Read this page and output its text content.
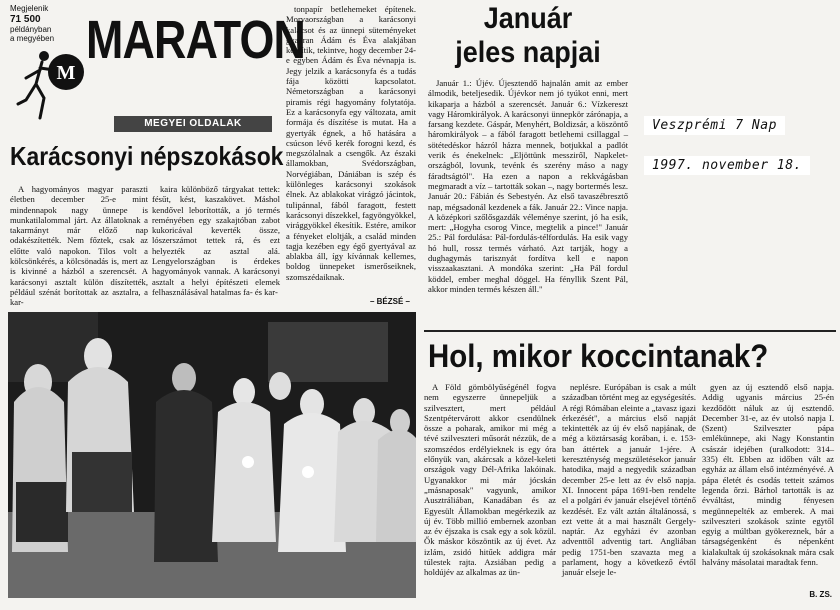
Megjelenik
71 500
példányban
a megyében
M
MARATON
MEGYEI OLDALAK
Karácsonyi népszokások
A hagyományos magyar paraszti életben december 25-e mint mindennapok nagy ünnepe is munkatilalommal járt. Az állatoknak a takarmányt már előző nap odakészítették. Nem főztek, csak az előtte való napokon. Tilos volt a kölcsönkérés, a kölcsönadás is, mert az is kivinné a házból a szerencsét. A karácsonyi asztalt külön díszítették, például szénát borítottak az asztalra, a kar-
kaira különböző tárgyakat tettek: fésűt, kést, kaszakövet. Máshol kendővel leborították, a jó termés reményében egy szakajtóban zabot kukoricával keverték össze, lószerszámot tettek rá, és ezt helyezték az asztal alá. Lengyelországban is érdekes hagyományok vannak. A karácsonyi asztalt a helyi építészeti elemek felhasználásával hatalmas fa- és kar-
tonpapír betlehemeket építenek. Morvaországban a karácsonyi kalácsot és az ünnepi süteményeket gyakran Ádám és Éva alakjában készítik, tekintve, hogy december 24-e egyben Ádám és Éva névnapja is. Jegy jelzik a karácsonyfa és a tudás fája közötti kapcsolatot. Németországban a karácsonyi piramis régi hagyomány folytatója. Ez a karácsonyfa egy változata, amit formája és díszítése is mutat. Ha a gyertyák égnek, a hő hatására a csúcson lévő kerék forogni kezd, és megszólalnak a csengők. Az északi államokban, Svédországban, Norvégiában, Dániában is szép és különleges karácsonyi szokások élnek. Az ablakokat virágzó jácintok, tulipánnal, fából faragott, festett karácsonyi díszekkel, fagyöngyökkel, virággyökkel ékesítik. Estére, amikor a fényeket eloltják, a család minden tagja kezében egy égő gyertyával az ablakba áll, így kívánnak kellemes, boldog ünnepeket ismerőseiknek, szomszédaiknak.
– BÉZSÉ –
Január
jeles napjai
Január 1.: Újév. Újesztendő hajnalán amit az ember álmodik, beteljesedik. Újévkor nem jó tyúkot enni, mert kikaparja a házból a szerencsét. Január 6.: Vízkereszt vagy Háromkirályok. A karácsonyi ünnepkör zárónapja, a farsang kezdete. Gáspár, Menyhért, Boldizsár, a köszöntő háromkirályok – a fából faragott betlehemi csillaggal – sötétedéskor házról házra mennek, botjukkal a padlót verik és énekelnek: „Eljöttünk messziről, Napkelet-országból, lovunk, tevénk és szerény máso a nagy fáradtságtól". Ha ezen a napon a rekkvágásban megmaradt a víz – tartották sokan –, nagy bortermés lesz. Január 20.: Fábián és Sebestyén. Az első tavaszébresztő nap, mégsadonál kezdenek a fák. Január 22.: Vince napja. A középkori szőlősgazdák véleménye szerint, jó ha esik, mert: „Hogyha csorog Vince, megtelik a pince!" Január 25.: Pál fordulása: Pál-fordulás-télfordulás. Ha esik vagy hó hull, rossz termés várható. Azt tartják, hogy a dughagymás tarisznyát fordítva kell e napon visszaakasztani. A mondóka szerint: „Ha Pál fordul köddel, ember meghal döggel. Ha fényllik Szent Pál, akkor minden termés készen áll."
Veszprémi 7 Nap
1997. november 18.
Hol, mikor koccintanak?
A Föld gömbölyűségénél fogva nem egyszerre ünnepeljük a szilvesztert, mert például Szentpétervárott akkor csendülnek össze a poharak, amikor mi még a tévé szilveszteri műsorát nézzük, de a szomszédos erdélyieknek is egy óra előnyük van, akárcsak a közel-keleti országok vagy Dél-Afrika lakóinak. Ugyanakkor mi már jócskán „másnaposak" vagyunk, amikor Ausztráliában, Kanadában és az Egyesült Államokban megérkezik az új év. Több millió embernek azonban az év éjszaka is csak egy a sok közül. Ők máskor köszöntik az új évet. Az izlám, zsidó hitűek addigra már túlestek rajta. Azsiában pedig a holdújév az alkalmas az ün-
neplésre. Európában is csak a múlt században történt meg az egységesítés. A régi Rómában eleinte a „tavasz igazi érkezését", a március első napját tekintették az új év első napjának, de még a köztársaság korában, i. e. 153-ban áttértek a január 1-jére. A kereszténység megszületésekor január hatodika, majd a negyedik században december 25-e lett az év első napja. XI. Innocent pápa 1691-ben rendelte el a polgári év január elsejével történő kezdését. Ez vált aztán általánossá, s ezt vette át a mai használt Gergely-naptár. Az egyházi év azonban adventtől adventig tart. Angliában pedig 1751-ben szavazta meg a parlament, hogy a következő évtől január elseje le-
gyen az új esztendő első napja. Addig ugyanis március 25-én kezdődött náluk az új esztendő. December 31-e, az év utolsó napja I. (Szent) Szilveszter pápa emlékünnepe, aki Nagy Konstantin császár idejében (uralkodott: 314–335) élt. Ebben az időben vált az egyház az állam első intézményévé. A pápa életét és csodás tetteit számos legenda őrzi. Bárhol tartották is az évváltást, mindig fényesen megünnepelték az emberek. A mai szilveszteri szokások szinte egytől egyig a múltban gyökereznek, bár a társagségenként és népenként kialakultak új szokásoknak mára csak halvány másolatai maradtak fenn.
B. ZS.
